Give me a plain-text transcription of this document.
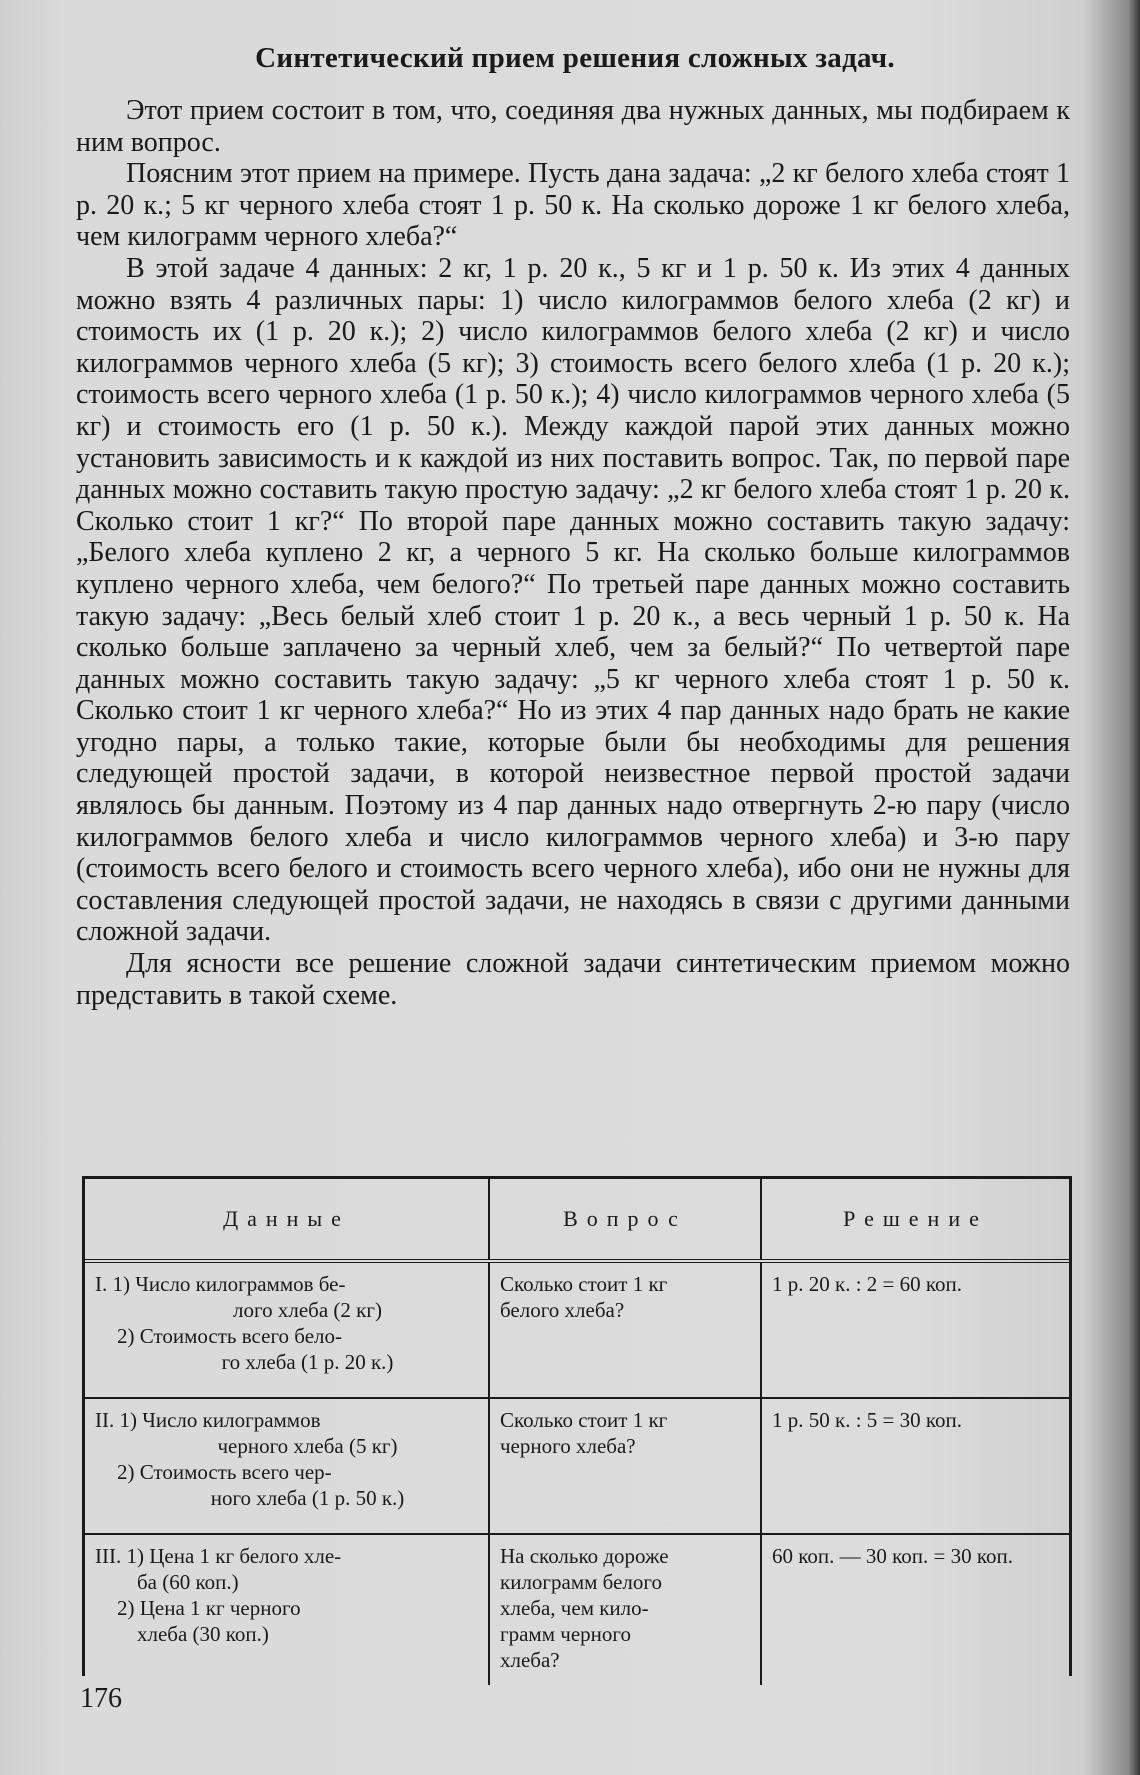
Синтетический прием решения сложных задач.

Этот прием состоит в том, что, соединяя два нужных данных, мы подбираем к ним вопрос.

Поясним этот прием на примере. Пусть дана задача: „2 кг белого хлеба стоят 1 р. 20 к.; 5 кг черного хлеба стоят 1 р. 50 к. На сколько дороже 1 кг белого хлеба, чем килограмм черного хлеба?“

В этой задаче 4 данных: 2 кг, 1 р. 20 к., 5 кг и 1 р. 50 к. Из этих 4 данных можно взять 4 различных пары: 1) число килограммов белого хлеба (2 кг) и стоимость их (1 р. 20 к.); 2) число килограммов белого хлеба (2 кг) и число килограммов черного хлеба (5 кг); 3) стоимость всего белого хлеба (1 р. 20 к.); стоимость всего черного хлеба (1 р. 50 к.); 4) число килограммов черного хлеба (5 кг) и стоимость его (1 р. 50 к.). Между каждой парой этих данных можно установить зависимость и к каждой из них поставить вопрос. Так, по первой паре данных можно составить такую простую задачу: „2 кг белого хлеба стоят 1 р. 20 к. Сколько стоит 1 кг?“ По второй паре данных можно составить такую задачу: „Белого хлеба куплено 2 кг, а черного 5 кг. На сколько больше килограммов куплено черного хлеба, чем белого?“ По третьей паре данных можно составить такую задачу: „Весь белый хлеб стоит 1 р. 20 к., а весь черный 1 р. 50 к. На сколько больше заплачено за черный хлеб, чем за белый?“ По четвертой паре данных можно составить такую задачу: „5 кг черного хлеба стоят 1 р. 50 к. Сколько стоит 1 кг черного хлеба?“ Но из этих 4 пар данных надо брать не какие угодно пары, а только такие, которые были бы необходимы для решения следующей простой задачи, в которой неизвестное первой простой задачи являлось бы данным. Поэтому из 4 пар данных надо отвергнуть 2-ю пару (число килограммов белого хлеба и число килограммов черного хлеба) и 3-ю пару (стоимость всего белого и стоимость всего черного хлеба), ибо они не нужны для составления следующей простой задачи, не находясь в связи с другими данными сложной задачи.

Для ясности все решение сложной задачи синтетическим приемом можно представить в такой схеме.

Данные	Вопрос	Решение
I. 1) Число килограммов бе-
лого хлеба (2 кг)
2) Стоимость всего бело-
го хлеба (1 р. 20 к.)
Сколько стоит 1 кг
белого хлеба?
1 р. 20 к. : 2 = 60 коп.
II. 1) Число килограммов
черного хлеба (5 кг)
2) Стоимость всего чер-
ного хлеба (1 р. 50 к.)
Сколько стоит 1 кг
черного хлеба?
1 р. 50 к. : 5 = 30 коп.
III. 1) Цена 1 кг белого хле-
ба (60 коп.)
2) Цена 1 кг черного
хлеба (30 коп.)
На сколько дороже
килограмм белого
хлеба, чем кило-
грамм черного
хлеба?
60 коп. — 30 коп. = 30 коп.
176
